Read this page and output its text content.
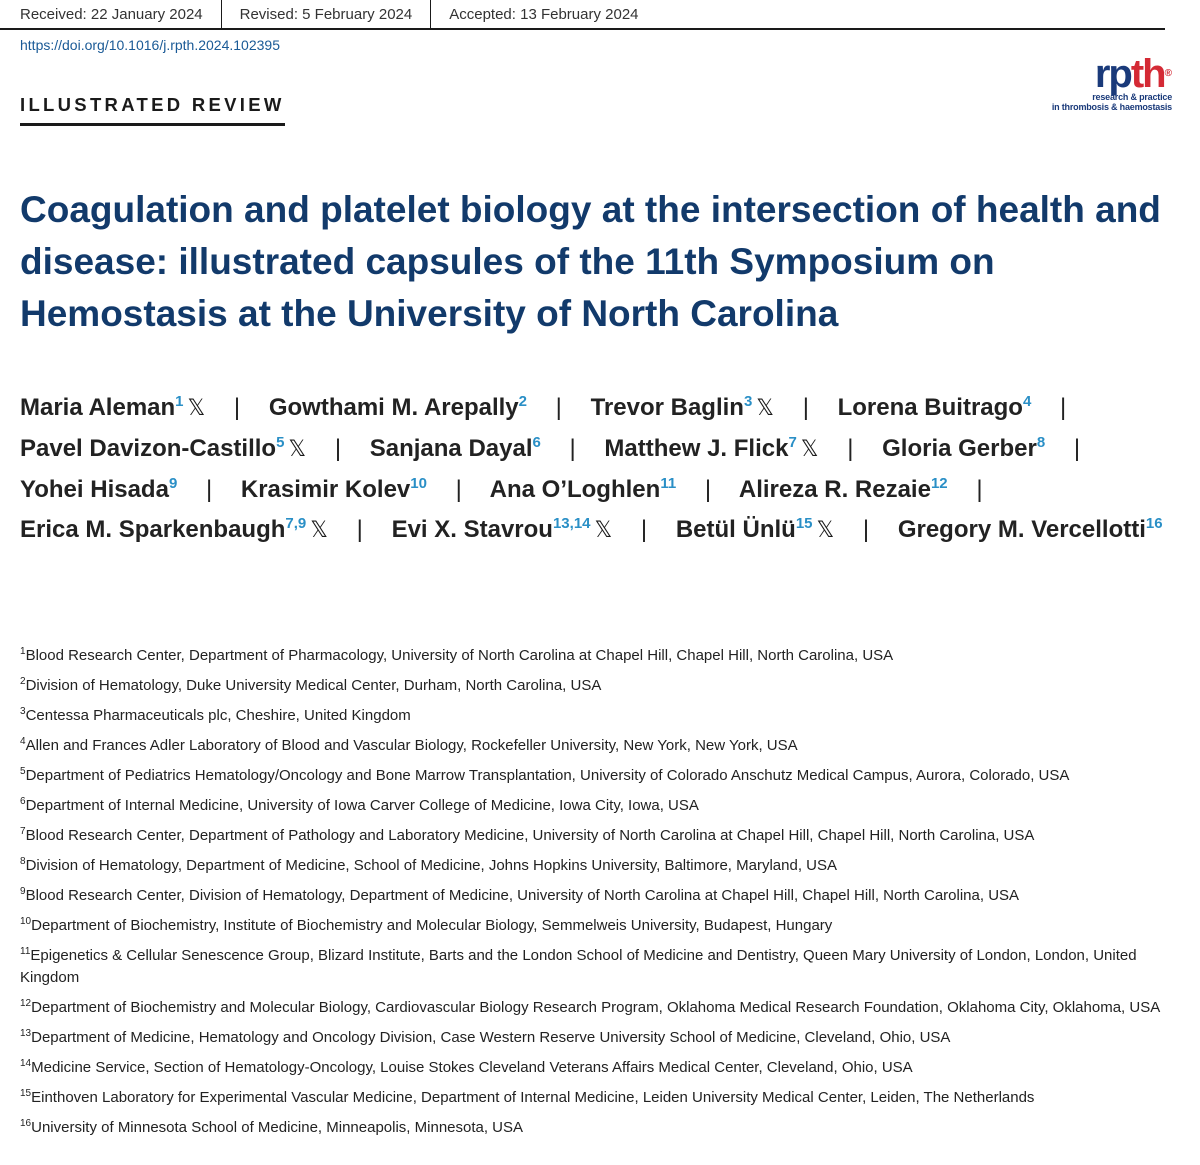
Received: 22 January 2024	Revised: 5 February 2024	Accepted: 13 February 2024
https://doi.org/10.1016/j.rpth.2024.102395
ILLUSTRATED REVIEW
rpth®
research & practice
in thrombosis & haemostasis
Coagulation and platelet biology at the intersection of health and disease: illustrated capsules of the 11th Symposium on Hemostasis at the University of North Carolina
Maria Aleman$^1$ 𝕏 | Gowthami M. Arepally$^2$ | Trevor Baglin$^3$ 𝕏 | Lorena Buitrago$^4$ | Pavel Davizon-Castillo$^5$ 𝕏 | Sanjana Dayal$^6$ | Matthew J. Flick$^7$ 𝕏 | Gloria Gerber$^8$ | Yohei Hisada$^9$ | Krasimir Kolev$^{10}$ | Ana O’Loghlen$^{11}$ | Alireza R. Rezaie$^{12}$ | Erica M. Sparkenbaugh$^{7,9}$ 𝕏 | Evi X. Stavrou$^{13,14}$ 𝕏 | Betül Ünlü$^{15}$ 𝕏 | Gregory M. Vercellotti$^{16}$
$^1$Blood Research Center, Department of Pharmacology, University of North Carolina at Chapel Hill, Chapel Hill, North Carolina, USA
$^2$Division of Hematology, Duke University Medical Center, Durham, North Carolina, USA
$^3$Centessa Pharmaceuticals plc, Cheshire, United Kingdom
$^4$Allen and Frances Adler Laboratory of Blood and Vascular Biology, Rockefeller University, New York, New York, USA
$^5$Department of Pediatrics Hematology/Oncology and Bone Marrow Transplantation, University of Colorado Anschutz Medical Campus, Aurora, Colorado, USA
$^6$Department of Internal Medicine, University of Iowa Carver College of Medicine, Iowa City, Iowa, USA
$^7$Blood Research Center, Department of Pathology and Laboratory Medicine, University of North Carolina at Chapel Hill, Chapel Hill, North Carolina, USA
$^8$Division of Hematology, Department of Medicine, School of Medicine, Johns Hopkins University, Baltimore, Maryland, USA
$^9$Blood Research Center, Division of Hematology, Department of Medicine, University of North Carolina at Chapel Hill, Chapel Hill, North Carolina, USA
$^{10}$Department of Biochemistry, Institute of Biochemistry and Molecular Biology, Semmelweis University, Budapest, Hungary
$^{11}$Epigenetics & Cellular Senescence Group, Blizard Institute, Barts and the London School of Medicine and Dentistry, Queen Mary University of London, London, United Kingdom
$^{12}$Department of Biochemistry and Molecular Biology, Cardiovascular Biology Research Program, Oklahoma Medical Research Foundation, Oklahoma City, Oklahoma, USA
$^{13}$Department of Medicine, Hematology and Oncology Division, Case Western Reserve University School of Medicine, Cleveland, Ohio, USA
$^{14}$Medicine Service, Section of Hematology-Oncology, Louise Stokes Cleveland Veterans Affairs Medical Center, Cleveland, Ohio, USA
$^{15}$Einthoven Laboratory for Experimental Vascular Medicine, Department of Internal Medicine, Leiden University Medical Center, Leiden, The Netherlands
$^{16}$University of Minnesota School of Medicine, Minneapolis, Minnesota, USA
